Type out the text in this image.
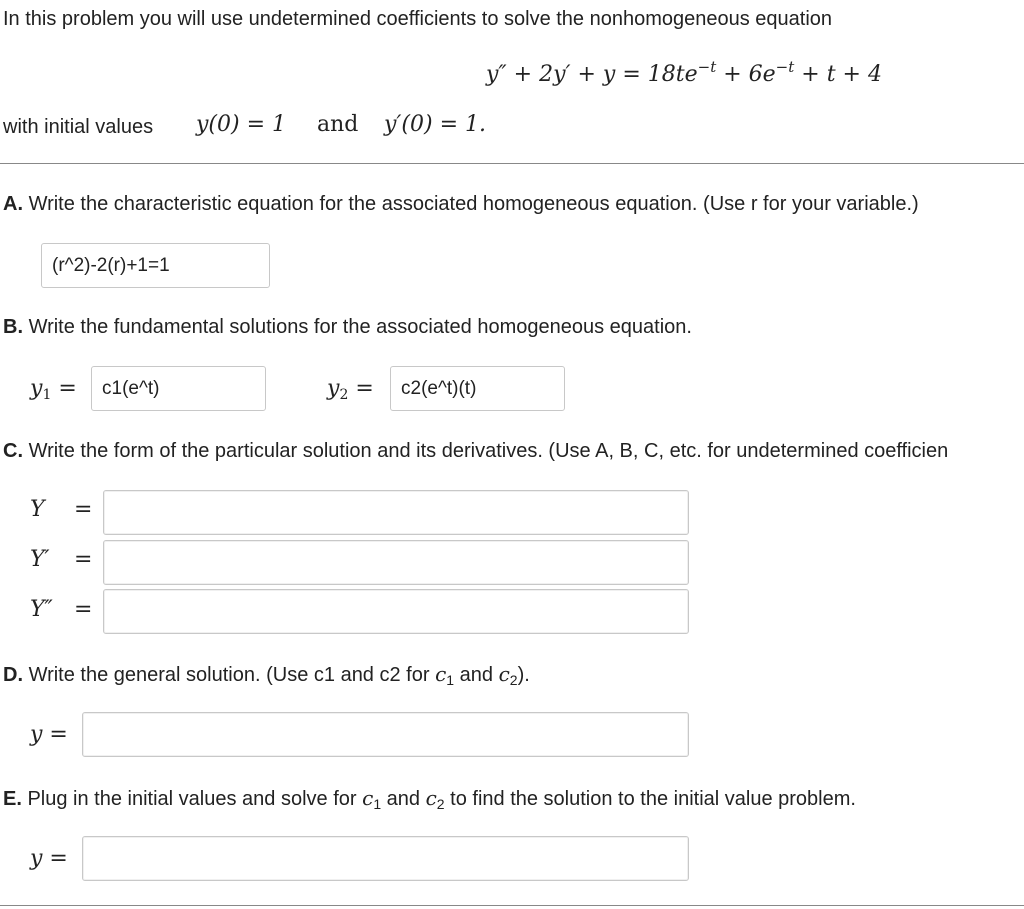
In this problem you will use undetermined coefficients to solve the nonhomogeneous equation
$y'' + 2y' + y = 18te^{-t} + 6e^{-t} + t + 4$
with initial values y(0) = 1 and y′(0) = 1.
A. Write the characteristic equation for the associated homogeneous equation. (Use r for your variable.)
(r^2)-2(r)+1=1
B. Write the fundamental solutions for the associated homogeneous equation.
$y_1$ =
c1(e^t)	$y_2$ =
c2(e^t)(t)
C. Write the form of the particular solution and its derivatives. (Use A, B, C, etc. for undetermined coefficien
Y =
Y′ =
Y″ =
D. Write the general solution. (Use c1 and c2 for $c_1$ and $c_2$).
y =
E. Plug in the initial values and solve for $c_1$ and $c_2$ to find the solution to the initial value problem.
y =
